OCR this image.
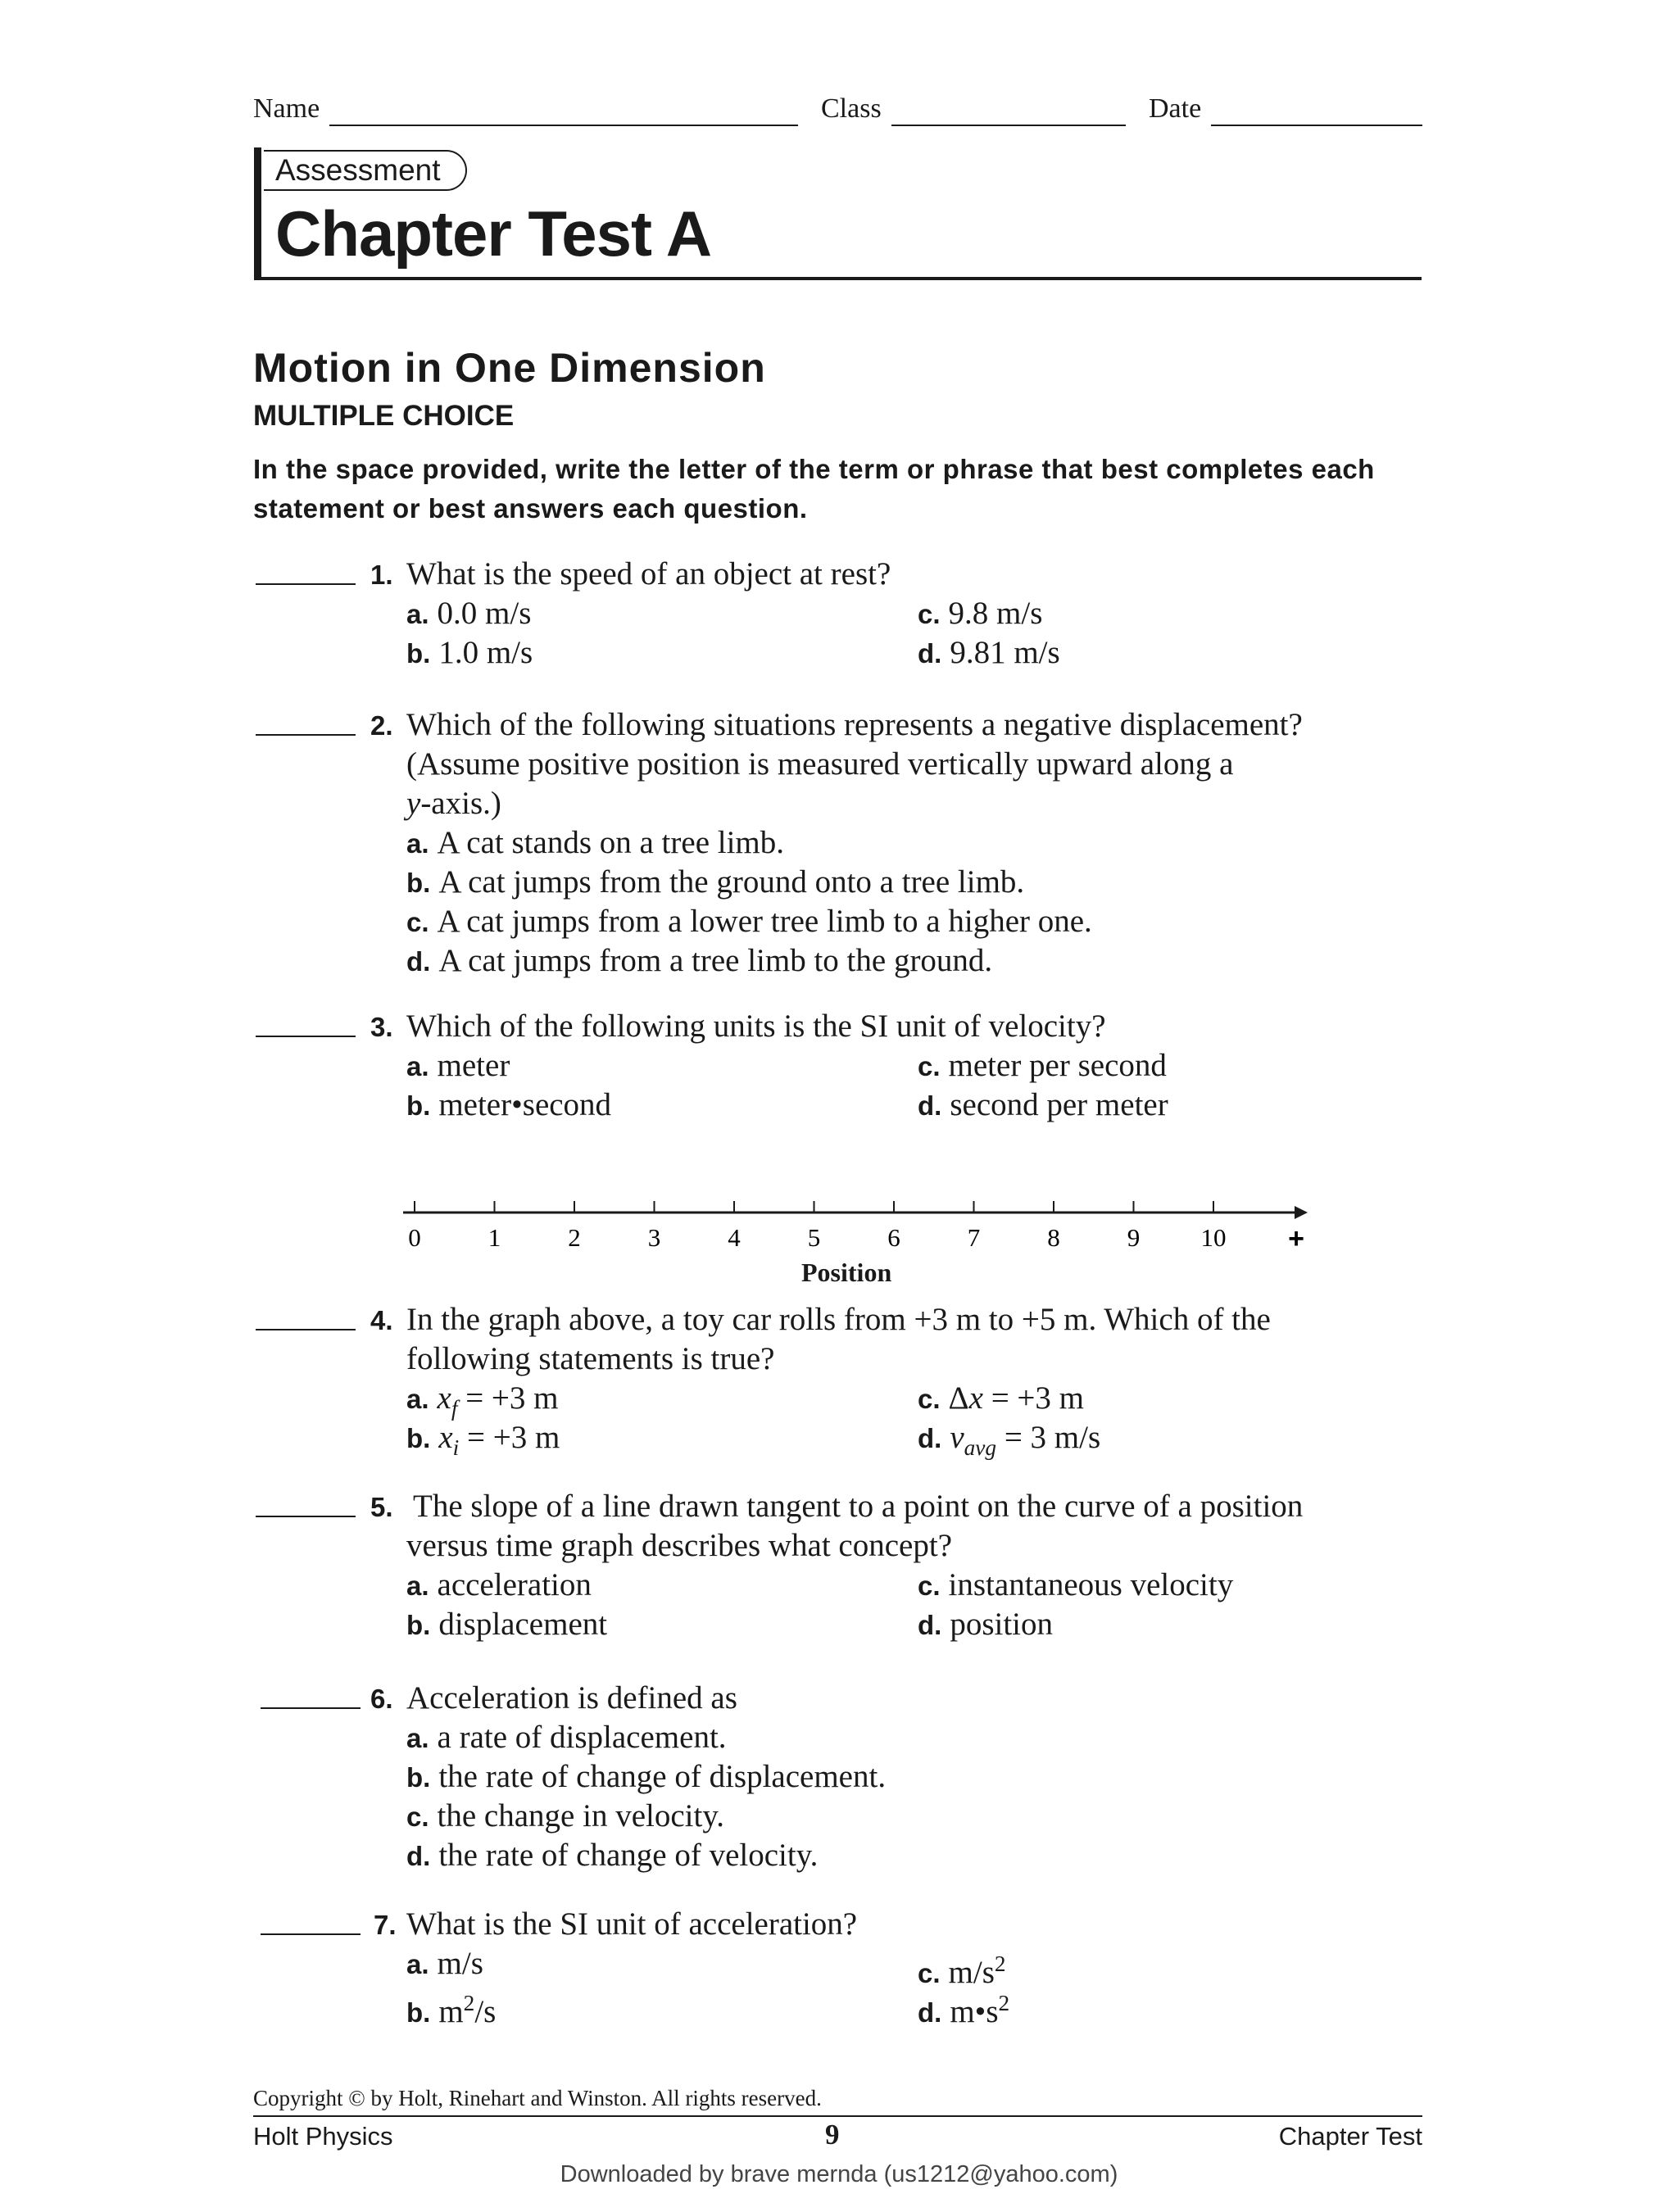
Name	Class	Date
Assessment
Chapter Test A
Motion in One Dimension
MULTIPLE CHOICE
In the space provided, write the letter of the term or phrase that best completes each statement or best answers each question.
1. What is the speed of an object at rest?
a. 0.0 m/s	c. 9.8 m/s
b. 1.0 m/s	d. 9.81 m/s
2. Which of the following situations represents a negative displacement?
(Assume positive position is measured vertically upward along a
y-axis.)
a. A cat stands on a tree limb.
b. A cat jumps from the ground onto a tree limb.
c. A cat jumps from a lower tree limb to a higher one.
d. A cat jumps from a tree limb to the ground.
3. Which of the following units is the SI unit of velocity?
a. meter	c. meter per second
b. meter•second	d. second per meter
0	1	2	3	4	5	6	7	8	9 10 +
Position
4. In the graph above, a toy car rolls from +3 m to +5 m. Which of the
following statements is true?
a. $x_f = +3$ m	c. Δx = +3 m
b. $x_i = +3$ m	d. $v_{avg} = 3$ m/s
5. The slope of a line drawn tangent to a point on the curve of a position
versus time graph describes what concept?
a. acceleration	c. instantaneous velocity
b. displacement	d. position
6. Acceleration is defined as
a. a rate of displacement.
b. the rate of change of displacement.
c. the change in velocity.
d. the rate of change of velocity.
7. What is the SI unit of acceleration?
a. m/s	c. $m/s^2$
b. $m^2/s$	d. $m•s^2$
Copyright © by Holt, Rinehart and Winston. All rights reserved.
Holt Physics	9	Chapter Test
Downloaded by brave mernda (us1212@yahoo.com)
